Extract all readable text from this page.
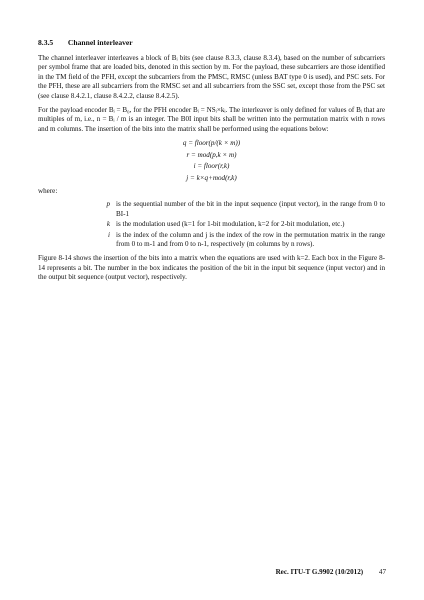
8.3.5 Channel interleaver

The channel interleaver interleaves a block of Bᵢ bits (see clause 8.3.3, clause 8.3.4), based on the number of subcarriers per symbol frame that are loaded bits, denoted in this section by m. For the payload, these subcarriers are those identified in the TM field of the PFH, except the subcarriers from the PMSC, RMSC (unless BAT type 0 is used), and PSC sets. For the PFH, these are all subcarriers from the RMSC set and all subcarriers from the SSC set, except those from the PSC set (see clause 8.4.2.1, clause 8.4.2.2, clause 8.4.2.5).

For the payload encoder Bᵢ = B₀, for the PFH encoder Bᵢ = NSᵢ×kᵢ. The interleaver is only defined for values of Bᵢ that are multiples of m, i.e., n = Bᵢ / m is an integer. The B0I input bits shall be written into the permutation matrix with n rows and m columns. The insertion of the bits into the matrix shall be performed using the equations below:

q = floor(p/(k × m))
r = mod(p,k × m)
i = floor(r,k)
j = k×q+mod(r,k)
where:
p is the sequential number of the bit in the input sequence (input vector), in the range from 0 to BI-1
k is the modulation used (k=1 for 1-bit modulation, k=2 for 2-bit modulation, etc.)
i is the index of the column and j is the index of the row in the permutation matrix in the range from 0 to m-1 and from 0 to n-1, respectively (m columns by n rows).

Figure 8-14 shows the insertion of the bits into a matrix when the equations are used with k=2. Each box in the Figure 8-14 represents a bit. The number in the box indicates the position of the bit in the input bit sequence (input vector) and in the output bit sequence (output vector), respectively.

Rec. ITU-T G.9902 (10/2012) 47
